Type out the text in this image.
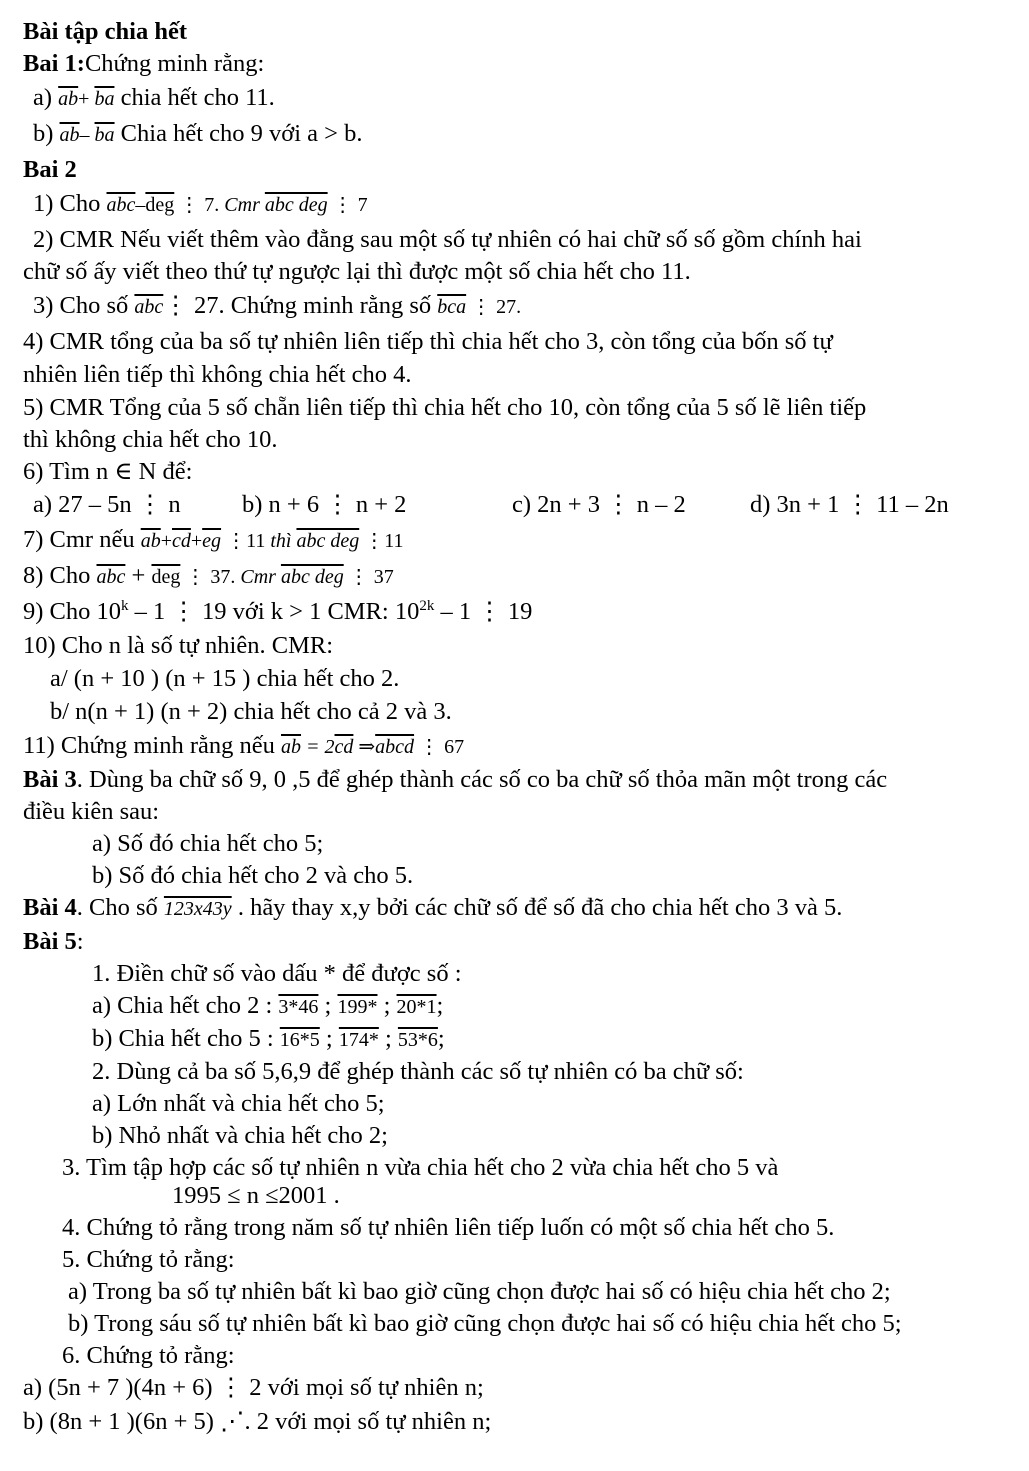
Bài tập chia hết
Bai 1:Chứng minh rằng:
a) $\overline{ab}+ \overline{ba}$ chia hết cho 11.
b) $\overline{ab}-$ $\overline{ba}$ Chia hết cho 9 với a > b.
Bai 2
1) Cho $\overline{abc}-\overline{deg}$ ⋮ 7. Cmr abc deg ⋮ 7
2) CMR Nếu viết thêm vào đằng sau một số tự nhiên có hai chữ số số gồm chính hai
chữ số ấy viết theo thứ tự ngược lại thì được một số chia hết cho 11.
3) Cho số $\overline{abc}⋮$ 27. Chứng minh rằng số $\overline{bca}$ ⋮ 27.
4) CMR tổng của ba số tự nhiên liên tiếp thì chia hết cho 3, còn tổng của bốn số tự
nhiên liên tiếp thì không chia hết cho 4.
5) CMR Tổng của 5 số chẵn liên tiếp thì chia hết cho 10, còn tổng của 5 số lẽ liên tiếp
thì không chia hết cho 10.
6) Tìm n ∈ N để:
a) 27 – 5n ⋮ n	b) n + 6 ⋮ n + 2	c) 2n + 3 ⋮ n – 2	d) 3n + 1 ⋮ 11 – 2n
7) Cmr nếu $\overline{ab}+\overline{cd}+\overline{eg}$ ⋮11 thì abc deg ⋮11
8) Cho $\overline{abc} + \overline{deg}$ ⋮ 37. Cmr abc deg ⋮ 37
9) Cho 10$^k$ – 1 ⋮ 19 với k > 1 CMR: $10^{2k} - 1$ ⋮ 19
10) Cho n là số tự nhiên. CMR:
a/ (n + 10 ) (n + 15 ) chia hết cho 2.
b/ n(n + 1) (n + 2) chia hết cho cả 2 và 3.
11) Chứng minh rằng nếu $\overline{ab} = 2\overline{cd}$ ⇒abcd ⋮ 67
Bài 3. Dùng ba chữ số 9, 0 ,5 để ghép thành các số co ba chữ số thỏa mãn một trong các
điều kiên sau:
a) Số đó chia hết cho 5;
b) Số đó chia hết cho 2 và cho 5.
Bài 4. Cho số 123x43y . hãy thay x,y bởi các chữ số để số đã cho chia hết cho 3 và 5.
Bài 5:
1. Điền chữ số vào dấu * để được số :
a) Chia hết cho 2 : 3*46 ; 199* ; 20*1;
b) Chia hết cho 5 : 16*5 ; 174* ; 53*6;
2. Dùng cả ba số 5,6,9 để ghép thành các số tự nhiên có ba chữ số:
a) Lớn nhất và chia hết cho 5;
b) Nhỏ nhất và chia hết cho 2;
3. Tìm tập hợp các số tự nhiên n vừa chia hết cho 2 vừa chia hết cho 5 và
1995 ≤ n ≤2001 .
4. Chứng tỏ rằng trong năm số tự nhiên liên tiếp luốn có một số chia hết cho 5.
5. Chứng tỏ rằng:
a) Trong ba số tự nhiên bất kì bao giờ cũng chọn được hai số có hiệu chia hết cho 2;
b) Trong sáu số tự nhiên bất kì bao giờ cũng chọn được hai số có hiệu chia hết cho 5;
6. Chứng tỏ rằng:
a) (5n + 7 )(4n + 6) ⋮ 2 với mọi số tự nhiên n;
b) (8n + 1 )(6n + 5) ⋰. 2 với mọi số tự nhiên n;
